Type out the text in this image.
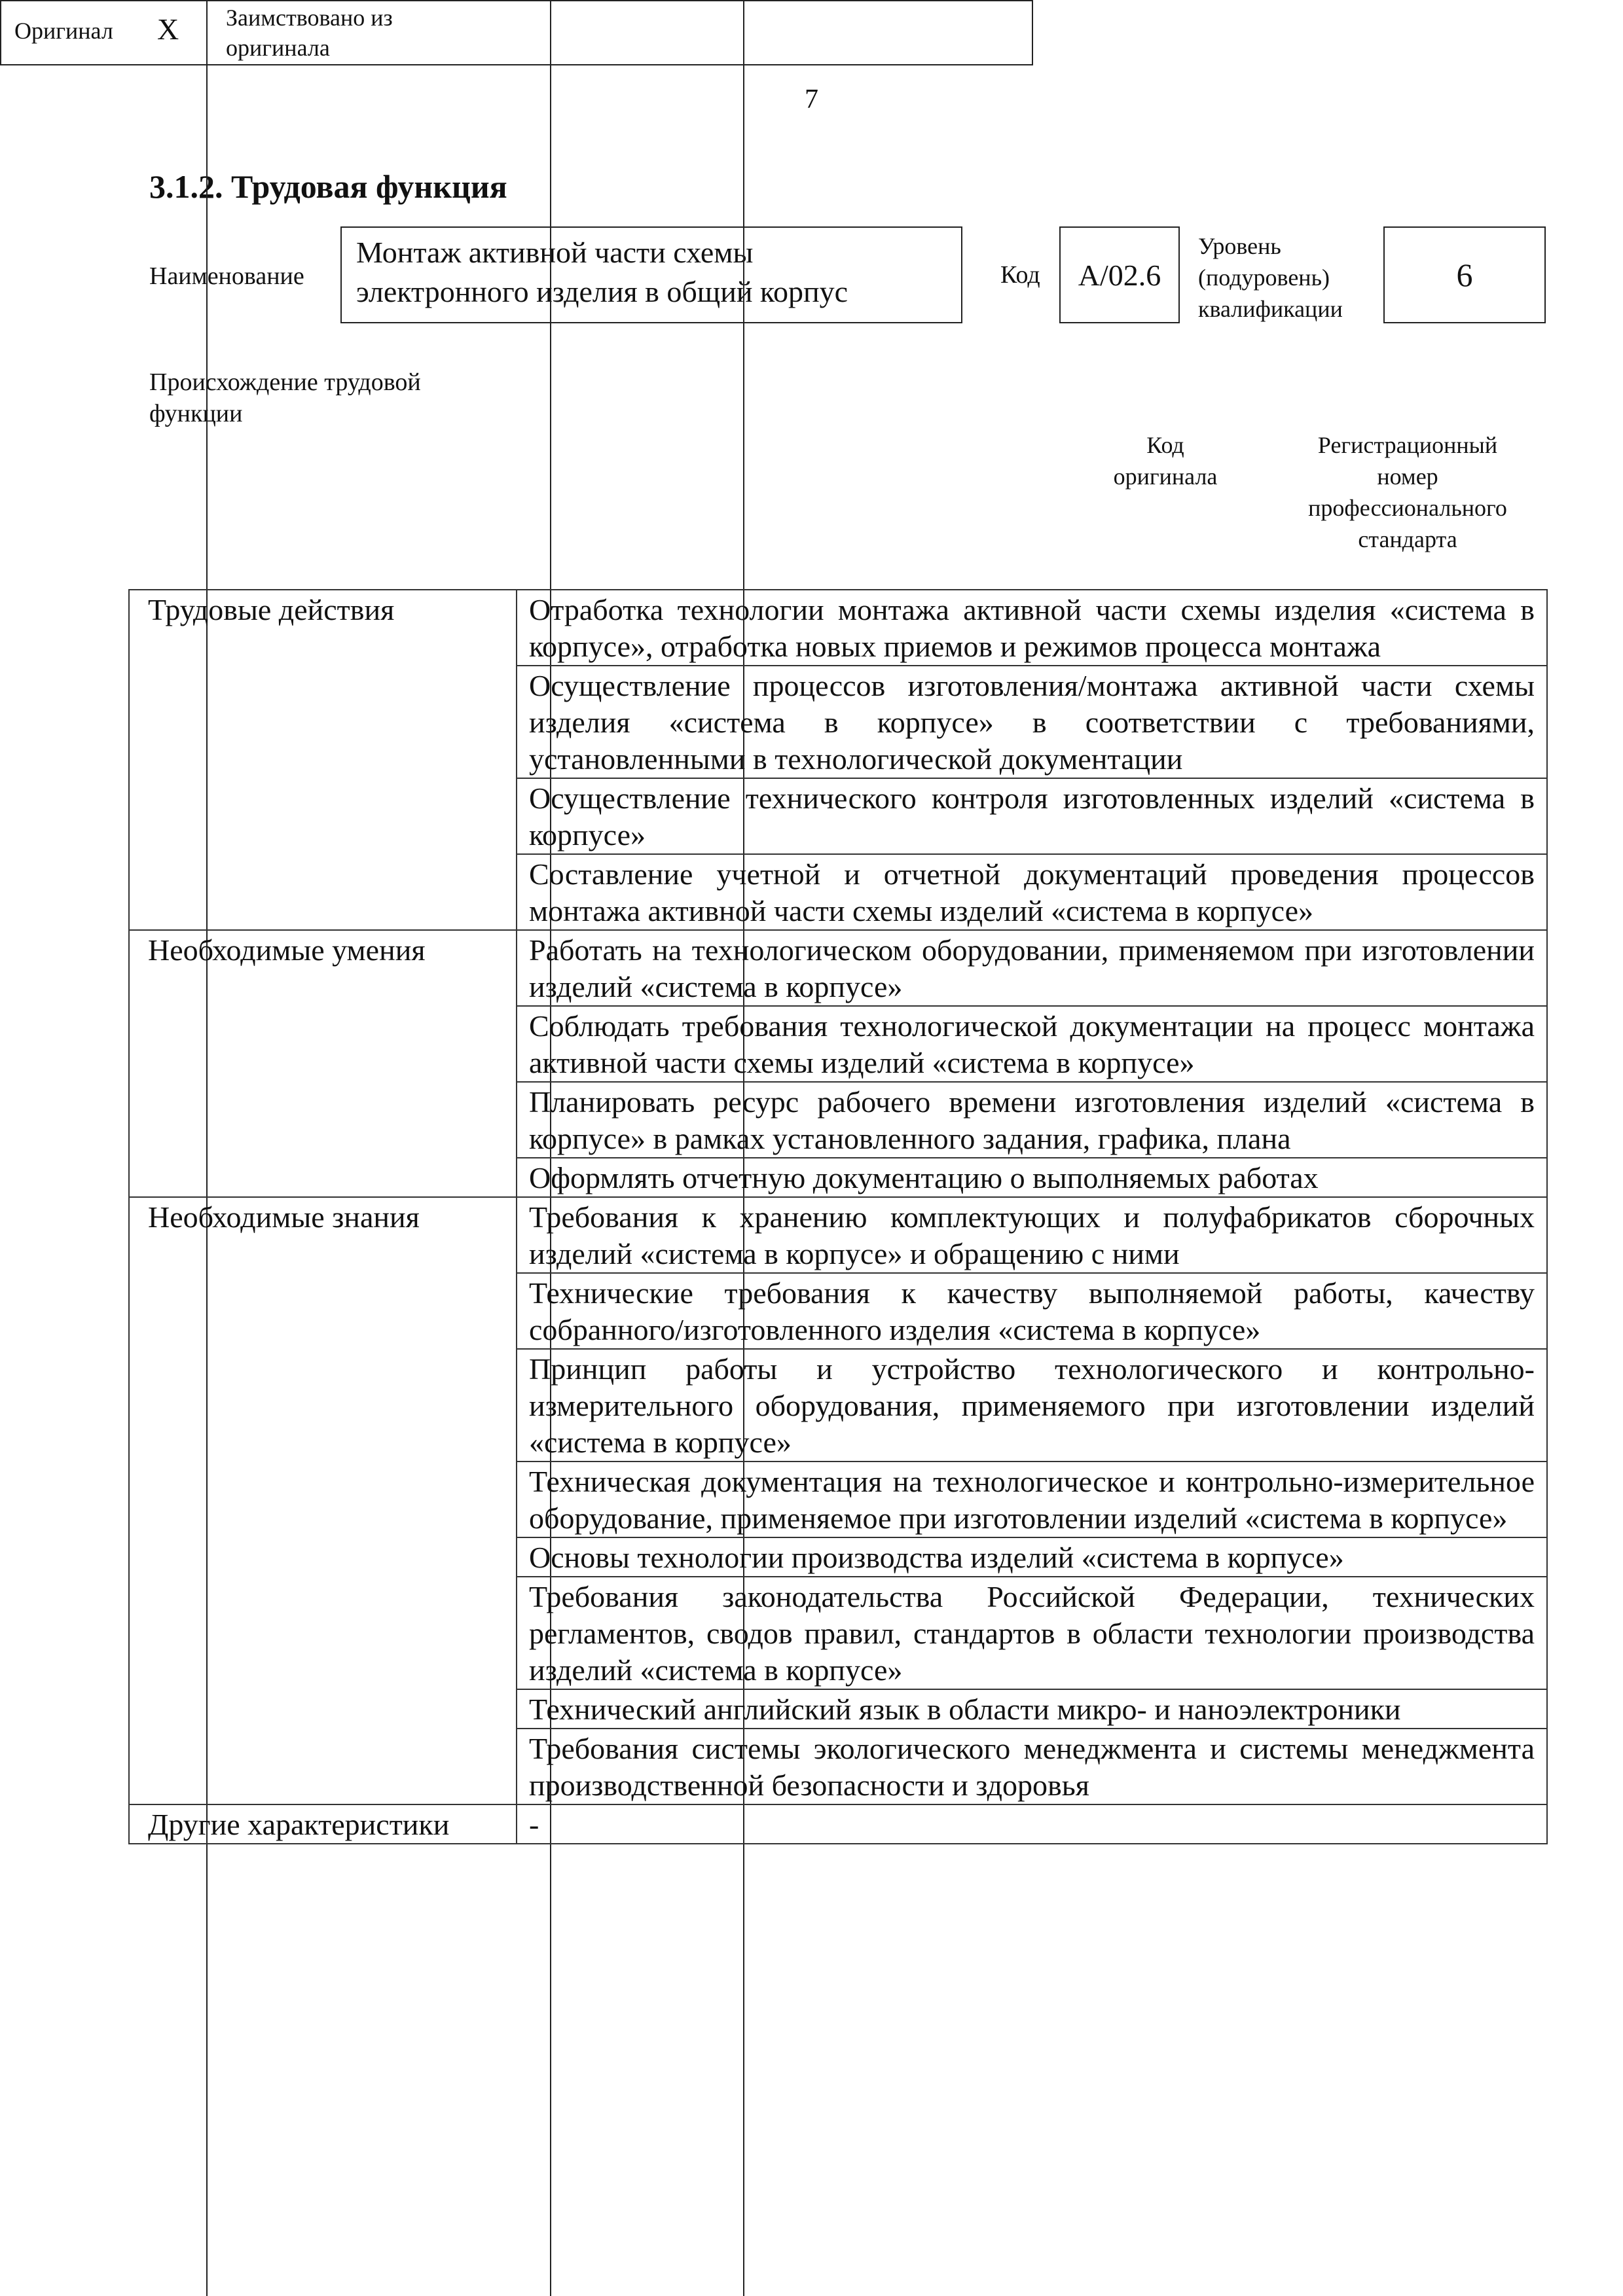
7
3.1.2. Трудовая функция
Наименование
Монтаж активной части схемы
электронного изделия в общий корпус	Код	А/02.6
Уровень
(подуровень)
квалификации
6
Происхождение трудовой
функции
Оригинал X Заимствовано из
оригинала
Код
оригинала
Регистрационный
номер
профессионального
стандарта
Трудовые действия	Отработка технологии монтажа активной части схемы изделия «система в корпусе», отработка новых приемов и режимов процесса монтажа
	Осуществление процессов изготовления/монтажа активной части схемы изделия «система в корпусе» в соответствии с требованиями, установленными в технологической документации
	Осуществление технического контроля изготовленных изделий «система в корпусе»
	Составление учетной и отчетной документаций проведения процессов монтажа активной части схемы изделий «система в корпусе»
Необходимые умения	Работать на технологическом оборудовании, применяемом при изготовлении изделий «система в корпусе»
	Соблюдать требования технологической документации на процесс монтажа активной части схемы изделий «система в корпусе»
	Планировать ресурс рабочего времени изготовления изделий «система в корпусе» в рамках установленного задания, графика, плана
	Оформлять отчетную документацию о выполняемых работах
Необходимые знания	Требования к хранению комплектующих и полуфабрикатов сборочных изделий «система в корпусе» и обращению с ними
	Технические требования к качеству выполняемой работы, качеству собранного/изготовленного изделия «система в корпусе»
	Принцип работы и устройство технологического и контрольно-измерительного оборудования, применяемого при изготовлении изделий «система в корпусе»
	Техническая документация на технологическое и контрольно-измерительное оборудование, применяемое при изготовлении изделий «система в корпусе»
	Основы технологии производства изделий «система в корпусе»
	Требования законодательства Российской Федерации, технических регламентов, сводов правил, стандартов в области технологии производства изделий «система в корпусе»
	Технический английский язык в области микро- и наноэлектроники
	Требования системы экологического менеджмента и системы менеджмента производственной безопасности и здоровья
Другие характеристики	-
